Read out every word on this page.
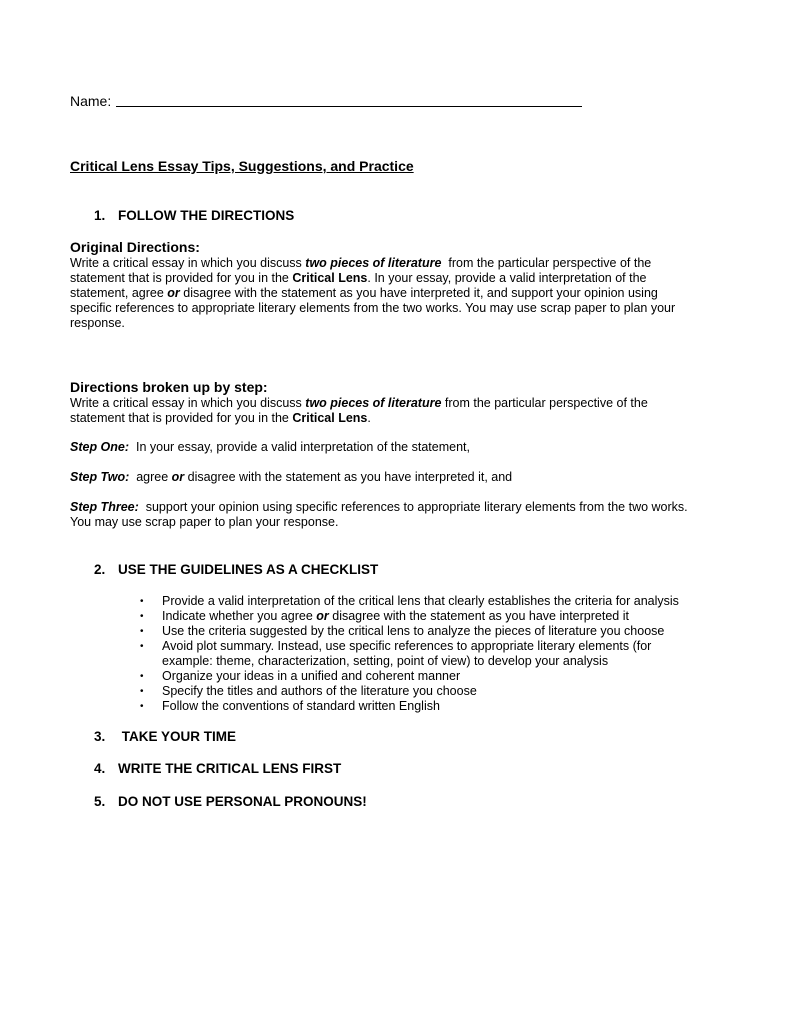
Name:
Critical Lens Essay Tips, Suggestions, and Practice
1. FOLLOW THE DIRECTIONS
Original Directions:
Write a critical essay in which you discuss two pieces of literature  from the particular perspective of the
statement that is provided for you in the Critical Lens. In your essay, provide a valid interpretation of the
statement, agree or disagree with the statement as you have interpreted it, and support your opinion using
specific references to appropriate literary elements from the two works. You may use scrap paper to plan your
response.
Directions broken up by step:
Write a critical essay in which you discuss two pieces of literature from the particular perspective of the
statement that is provided for you in the Critical Lens.
Step One:  In your essay, provide a valid interpretation of the statement,
Step Two:  agree or disagree with the statement as you have interpreted it, and
Step Three:  support your opinion using specific references to appropriate literary elements from the two works.
You may use scrap paper to plan your response.
2. USE THE GUIDELINES AS A CHECKLIST
• Provide a valid interpretation of the critical lens that clearly establishes the criteria for analysis
• Indicate whether you agree or disagree with the statement as you have interpreted it
• Use the criteria suggested by the critical lens to analyze the pieces of literature you choose
• Avoid plot summary. Instead, use specific references to appropriate literary elements (for
example: theme, characterization, setting, point of view) to develop your analysis
• Organize your ideas in a unified and coherent manner
• Specify the titles and authors of the literature you choose
• Follow the conventions of standard written English
3. TAKE YOUR TIME
4. WRITE THE CRITICAL LENS FIRST
5. DO NOT USE PERSONAL PRONOUNS!
